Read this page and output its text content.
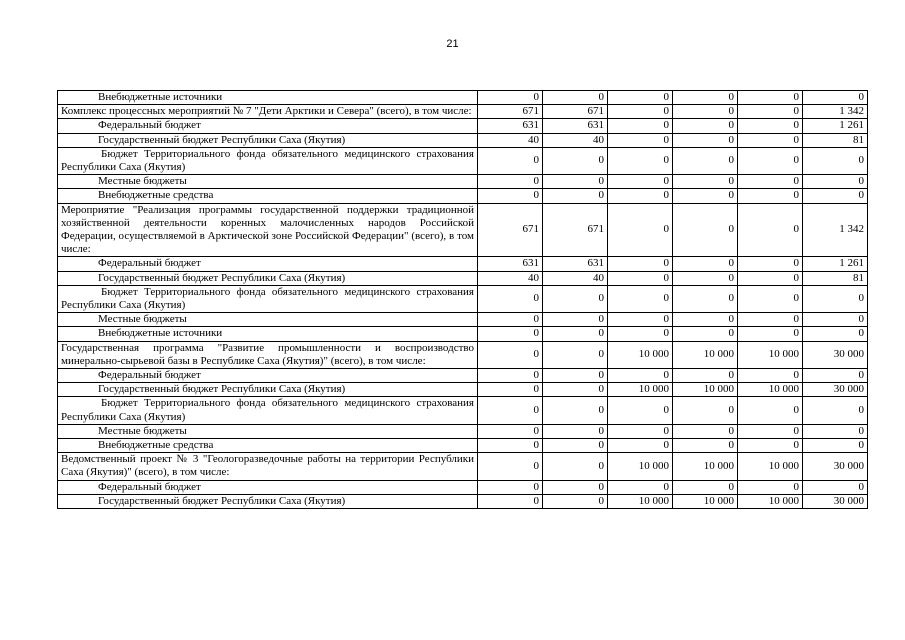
21
Внебюджетные источники	0	0	0	0	0	0
Комплекс процессных мероприятий № 7 "Дети Арктики и Севера" (всего), в том числе:	671	671	0	0	0	1 342
Федеральный бюджет	631	631	0	0	0	1 261
Государственный бюджет Республики Саха (Якутия)	40	40	0	0	0	81
Бюджет Территориального фонда обязательного медицинского страхования Республики Саха (Якутия)	0	0	0	0	0	0
Местные бюджеты	0	0	0	0	0	0
Внебюджетные средства	0	0	0	0	0	0
Мероприятие "Реализация программы государственной поддержки традиционной хозяйственной деятельности коренных малочисленных народов Российской Федерации, осуществляемой в Арктической зоне Российской Федерации" (всего), в том числе:	671	671	0	0	0	1 342
Федеральный бюджет	631	631	0	0	0	1 261
Государственный бюджет Республики Саха (Якутия)	40	40	0	0	0	81
Бюджет Территориального фонда обязательного медицинского страхования Республики Саха (Якутия)	0	0	0	0	0	0
Местные бюджеты	0	0	0	0	0	0
Внебюджетные источники	0	0	0	0	0	0
Государственная программа "Развитие промышленности и воспроизводство минерально-сырьевой базы в Республике Саха (Якутия)" (всего), в том числе:	0	0	10 000	10 000	10 000	30 000
Федеральный бюджет	0	0	0	0	0	0
Государственный бюджет Республики Саха (Якутия)	0	0	10 000	10 000	10 000	30 000
Бюджет Территориального фонда обязательного медицинского страхования Республики Саха (Якутия)	0	0	0	0	0	0
Местные бюджеты	0	0	0	0	0	0
Внебюджетные средства	0	0	0	0	0	0
Ведомственный проект № 3 "Геологоразведочные работы на территории Республики Саха (Якутия)" (всего), в том числе:	0	0	10 000	10 000	10 000	30 000
Федеральный бюджет	0	0	0	0	0	0
Государственный бюджет Республики Саха (Якутия)	0	0	10 000	10 000	10 000	30 000
